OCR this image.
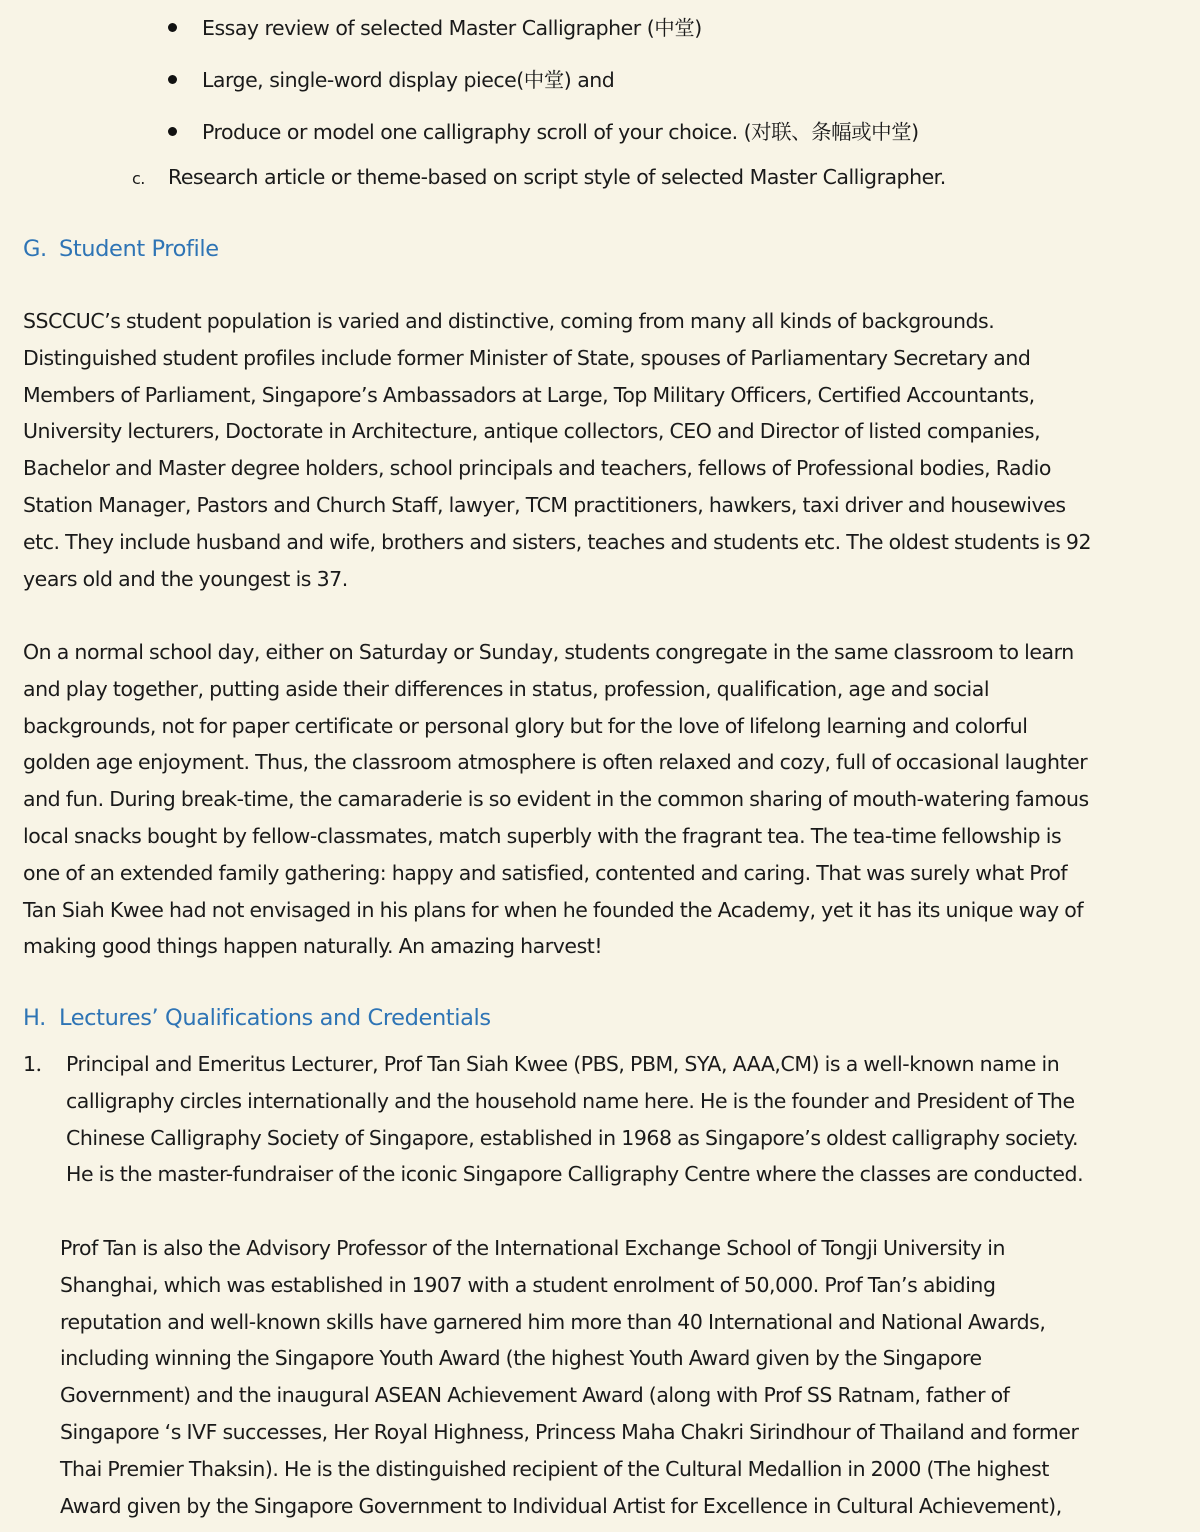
Essay review of selected Master Calligrapher (中堂)
Large, single-word display piece(中堂) and
Produce or model one calligraphy scroll of your choice. (对联、条幅或中堂)
c. Research article or theme-based on script style of selected Master Calligrapher.
G. Student Profile
SSCCUC’s student population is varied and distinctive, coming from many all kinds of backgrounds.
Distinguished student profiles include former Minister of State, spouses of Parliamentary Secretary and
Members of Parliament, Singapore’s Ambassadors at Large, Top Military Officers, Certified Accountants,
University lecturers, Doctorate in Architecture, antique collectors, CEO and Director of listed companies,
Bachelor and Master degree holders, school principals and teachers, fellows of Professional bodies, Radio
Station Manager, Pastors and Church Staff, lawyer, TCM practitioners, hawkers, taxi driver and housewives
etc. They include husband and wife, brothers and sisters, teaches and students etc. The oldest students is 92
years old and the youngest is 37.
On a normal school day, either on Saturday or Sunday, students congregate in the same classroom to learn
and play together, putting aside their differences in status, profession, qualification, age and social
backgrounds, not for paper certificate or personal glory but for the love of lifelong learning and colorful
golden age enjoyment. Thus, the classroom atmosphere is often relaxed and cozy, full of occasional laughter
and fun. During break-time, the camaraderie is so evident in the common sharing of mouth-watering famous
local snacks bought by fellow-classmates, match superbly with the fragrant tea. The tea-time fellowship is
one of an extended family gathering: happy and satisfied, contented and caring. That was surely what Prof
Tan Siah Kwee had not envisaged in his plans for when he founded the Academy, yet it has its unique way of
making good things happen naturally. An amazing harvest!
H. Lectures’ Qualifications and Credentials
1． Principal and Emeritus Lecturer, Prof Tan Siah Kwee (PBS, PBM, SYA, AAA,CM) is a well-known name in
calligraphy circles internationally and the household name here. He is the founder and President of The
Chinese Calligraphy Society of Singapore, established in 1968 as Singapore’s oldest calligraphy society.
He is the master-fundraiser of the iconic Singapore Calligraphy Centre where the classes are conducted.
Prof Tan is also the Advisory Professor of the International Exchange School of Tongji University in
Shanghai, which was established in 1907 with a student enrolment of 50,000. Prof Tan’s abiding
reputation and well-known skills have garnered him more than 40 International and National Awards,
including winning the Singapore Youth Award (the highest Youth Award given by the Singapore
Government) and the inaugural ASEAN Achievement Award (along with Prof SS Ratnam, father of
Singapore ‘s IVF successes, Her Royal Highness, Princess Maha Chakri Sirindhour of Thailand and former
Thai Premier Thaksin). He is the distinguished recipient of the Cultural Medallion in 2000 (The highest
Award given by the Singapore Government to Individual Artist for Excellence in Cultural Achievement),
